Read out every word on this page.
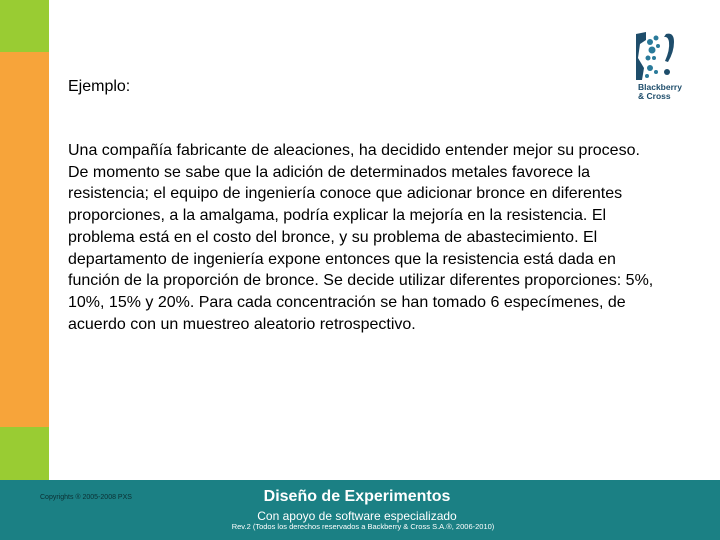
Blackberry
& Cross
Ejemplo:

Una compañía fabricante de aleaciones, ha decidido entender mejor su proceso. De momento se sabe que la adición de determinados metales favorece la resistencia; el equipo de ingeniería conoce que adicionar bronce en diferentes proporciones, a la amalgama, podría explicar la mejoría en la resistencia. El problema está en el costo del bronce, y su problema de abastecimiento. El departamento de ingeniería expone entonces que la resistencia está dada en función de la proporción de bronce. Se decide utilizar diferentes proporciones: 5%, 10%, 15% y 20%. Para cada concentración se han tomado 6 especímenes, de acuerdo con un muestreo aleatorio retrospectivo.

Copyrights ® 2005-2008 PXS	Diseño de Experimentos
Con apoyo de software especializado
Rev.2 (Todos los derechos reservados a Backberry & Cross S.A.®, 2006-2010)
